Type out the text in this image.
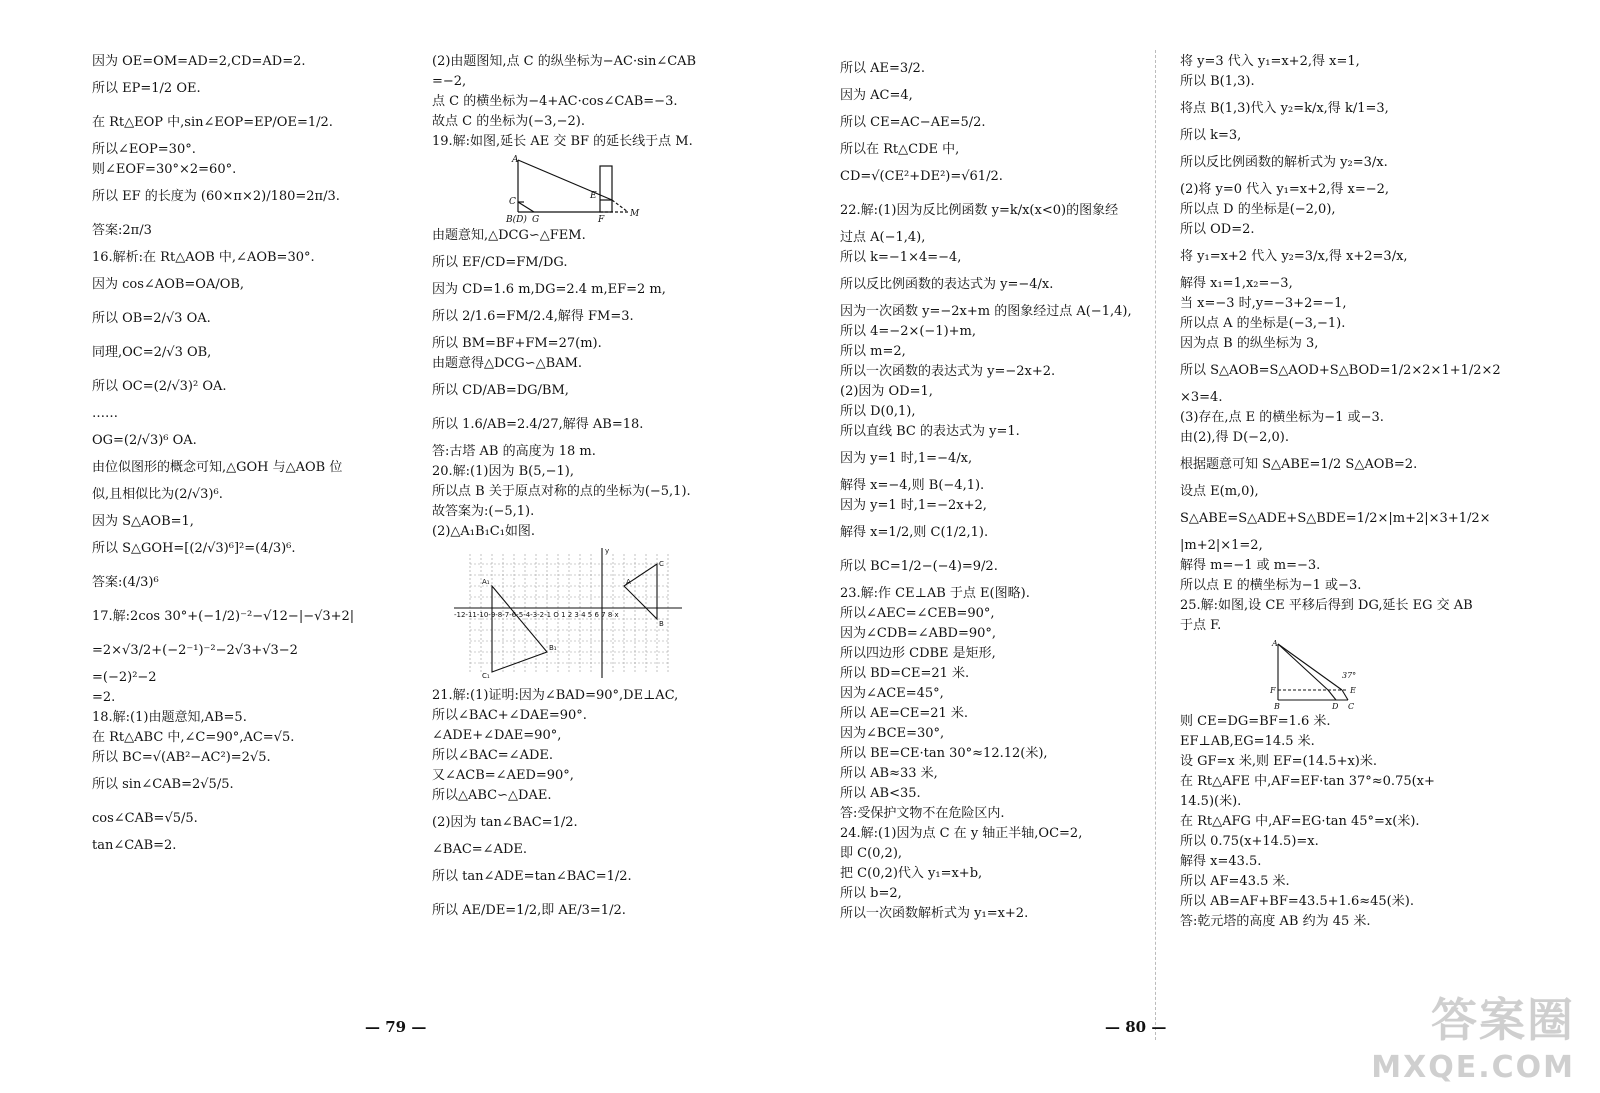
因为 OE=OM=AD=2,CD=AD=2.
所以 EP=1/2 OE.
在 Rt△EOP 中,sin∠EOP=EP/OE=1/2.
所以∠EOP=30°.
则∠EOF=30°×2=60°.
所以 EF 的长度为 (60×π×2)/180=2π/3.
答案:2π/3
16.解析:在 Rt△AOB 中,∠AOB=30°.
因为 cos∠AOB=OA/OB,
所以 OB=2/√3 OA.
同理,OC=2/√3 OB,
所以 OC=(2/√3)² OA.
……
OG=(2/√3)⁶ OA.
由位似图形的概念可知,△GOH 与△AOB 位
似,且相似比为(2/√3)⁶.
因为 S△AOB=1,
所以 S△GOH=[(2/√3)⁶]²=(4/3)⁶.
答案:(4/3)⁶
17.解:2cos 30°+(−1/2)⁻²−√12−|−√3+2|
=2×√3/2+(−2⁻¹)⁻²−2√3+√3−2
=(−2)²−2
=2.
18.解:(1)由题意知,AB=5.
在 Rt△ABC 中,∠C=90°,AC=√5.
所以 BC=√(AB²−AC²)=2√5.
所以 sin∠CAB=2√5/5.
cos∠CAB=√5/5.
tan∠CAB=2.
(2)由题图知,点 C 的纵坐标为−AC·sin∠CAB
=−2,
点 C 的横坐标为−4+AC·cos∠CAB=−3.
故点 C 的坐标为(−3,−2).
19.解:如图,延长 AE 交 BF 的延长线于点 M.
A
E
C
B(D) G	F
M
由题意知,△DCG∽△FEM.
所以 EF/CD=FM/DG.
因为 CD=1.6 m,DG=2.4 m,EF=2 m,
所以 2/1.6=FM/2.4,解得 FM=3.
所以 BM=BF+FM=27(m).
由题意得△DCG∽△BAM.
所以 CD/AB=DG/BM,
所以 1.6/AB=2.4/27,解得 AB=18.
答:古塔 AB 的高度为 18 m.
20.解:(1)因为 B(5,−1),
所以点 B 关于原点对称的点的坐标为(−5,1).
故答案为:(−5,1).
(2)△A₁B₁C₁如图.
-12-11-10-9-8-7-6-5-4-3-2-1 O 1 2 3 4 5 6 7 8 x
A
B
C
A₁
B₁
C₁
y
21.解:(1)证明:因为∠BAD=90°,DE⊥AC,
所以∠BAC+∠DAE=90°.
∠ADE+∠DAE=90°,
所以∠BAC=∠ADE.
又∠ACB=∠AED=90°,
所以△ABC∽△DAE.
(2)因为 tan∠BAC=1/2.
∠BAC=∠ADE.
所以 tan∠ADE=tan∠BAC=1/2.
所以 AE/DE=1/2,即 AE/3=1/2.
所以 AE=3/2.
因为 AC=4,
所以 CE=AC−AE=5/2.
所以在 Rt△CDE 中,
CD=√(CE²+DE²)=√61/2.
22.解:(1)因为反比例函数 y=k/x(x<0)的图象经
过点 A(−1,4),
所以 k=−1×4=−4,
所以反比例函数的表达式为 y=−4/x.
因为一次函数 y=−2x+m 的图象经过点 A(−1,4),
所以 4=−2×(−1)+m,
所以 m=2,
所以一次函数的表达式为 y=−2x+2.
(2)因为 OD=1,
所以 D(0,1),
所以直线 BC 的表达式为 y=1.
因为 y=1 时,1=−4/x,
解得 x=−4,则 B(−4,1).
因为 y=1 时,1=−2x+2,
解得 x=1/2,则 C(1/2,1).
所以 BC=1/2−(−4)=9/2.
23.解:作 CE⊥AB 于点 E(图略).
所以∠AEC=∠CEB=90°,
因为∠CDB=∠ABD=90°,
所以四边形 CDBE 是矩形,
所以 BD=CE=21 米.
因为∠ACE=45°,
所以 AE=CE=21 米.
因为∠BCE=30°,
所以 BE=CE·tan 30°≈12.12(米),
所以 AB≈33 米,
所以 AB<35.
答:受保护文物不在危险区内.
24.解:(1)因为点 C 在 y 轴正半轴,OC=2,
即 C(0,2),
把 C(0,2)代入 y₁=x+b,
所以 b=2,
所以一次函数解析式为 y₁=x+2.
将 y=3 代入 y₁=x+2,得 x=1,
所以 B(1,3).
将点 B(1,3)代入 y₂=k/x,得 k/1=3,
所以 k=3,
所以反比例函数的解析式为 y₂=3/x.
(2)将 y=0 代入 y₁=x+2,得 x=−2,
所以点 D 的坐标是(−2,0),
所以 OD=2.
将 y₁=x+2 代入 y₂=3/x,得 x+2=3/x,
解得 x₁=1,x₂=−3,
当 x=−3 时,y=−3+2=−1,
所以点 A 的坐标是(−3,−1).
因为点 B 的纵坐标为 3,
所以 S△AOB=S△AOD+S△BOD=1/2×2×1+1/2×2
×3=4.
(3)存在,点 E 的横坐标为−1 或−3.
由(2),得 D(−2,0).
根据题意可知 S△ABE=1/2 S△AOB=2.
设点 E(m,0),
S△ABE=S△ADE+S△BDE=1/2×|m+2|×3+1/2×
|m+2|×1=2,
解得 m=−1 或 m=−3.
所以点 E 的横坐标为−1 或−3.
25.解:如图,设 CE 平移后得到 DG,延长 EG 交 AB
于点 F.
A
37°
F	E
B	D C
则 CE=DG=BF=1.6 米.
EF⊥AB,EG=14.5 米.
设 GF=x 米,则 EF=(14.5+x)米.
在 Rt△AFE 中,AF=EF·tan 37°≈0.75(x+
14.5)(米).
在 Rt△AFG 中,AF=EG·tan 45°=x(米).
所以 0.75(x+14.5)=x.
解得 x=43.5.
所以 AF=43.5 米.
所以 AB=AF+BF=43.5+1.6≈45(米).
答:乾元塔的高度 AB 约为 45 米.
— 79 —	— 80 —	答案圈
MXQE.COM
